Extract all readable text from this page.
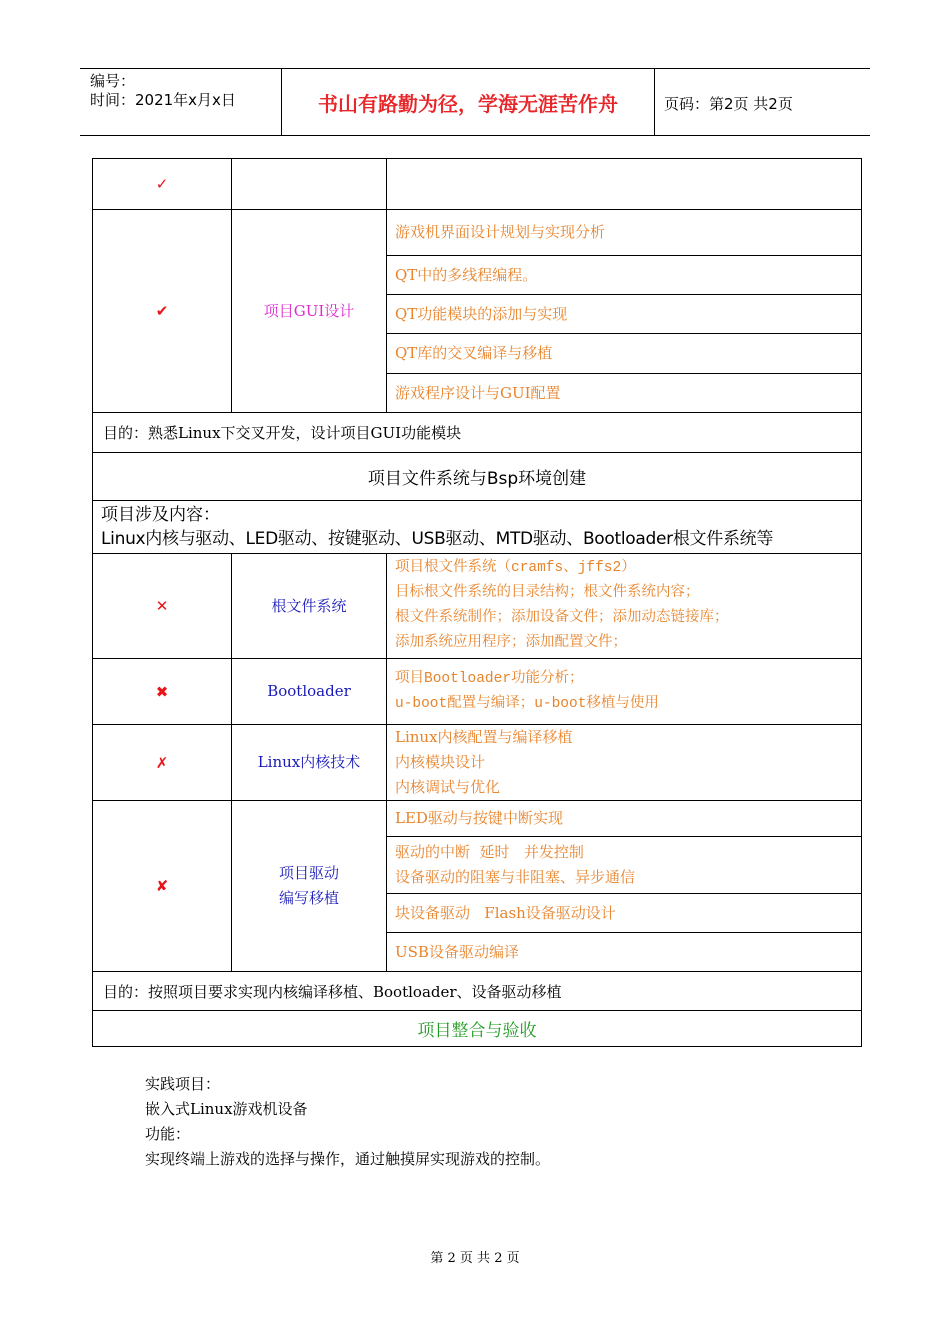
编号：
时间：2021年x月x日	书山有路勤为径，学海无涯苦作舟	页码：第2页 共2页
✓		
✔	项目GUI设计	游戏机界面设计规划与实现分析
		QT中的多线程编程。
		QT功能模块的添加与实现
		QT库的交叉编译与移植
		游戏程序设计与GUI配置
目的：熟悉Linux下交叉开发，设计项目GUI功能模块		
项目文件系统与Bsp环境创建		

项目涉及内容：
Linux内核与驱动、LED驱动、按键驱动、USB驱动、MTD驱动、Bootloader根文件系统等		

✕	根文件系统	项目根文件系统（cramfs、jffs2）
目标根文件系统的目录结构；根文件系统内容；
根文件系统制作；添加设备文件；添加动态链接库；
添加系统应用程序；添加配置文件；

✖	Bootloader	项目Bootloader功能分析；
u-boot配置与编译；u-boot移植与使用

✗	Linux内核技术	Linux内核配置与编译移植
内核模块设计
内核调试与优化

✘	项目驱动
编写移植	LED驱动与按键中断实现

		驱动的中断  延时   并发控制
设备驱动的阻塞与非阻塞、异步通信

		块设备驱动   Flash设备驱动设计
		USB设备驱动编译
目的：按照项目要求实现内核编译移植、Bootloader、设备驱动移植		
项目整合与验收		
实践项目：
嵌入式Linux游戏机设备
功能：
实现终端上游戏的选择与操作，通过触摸屏实现游戏的控制。
第 2 页 共 2 页
